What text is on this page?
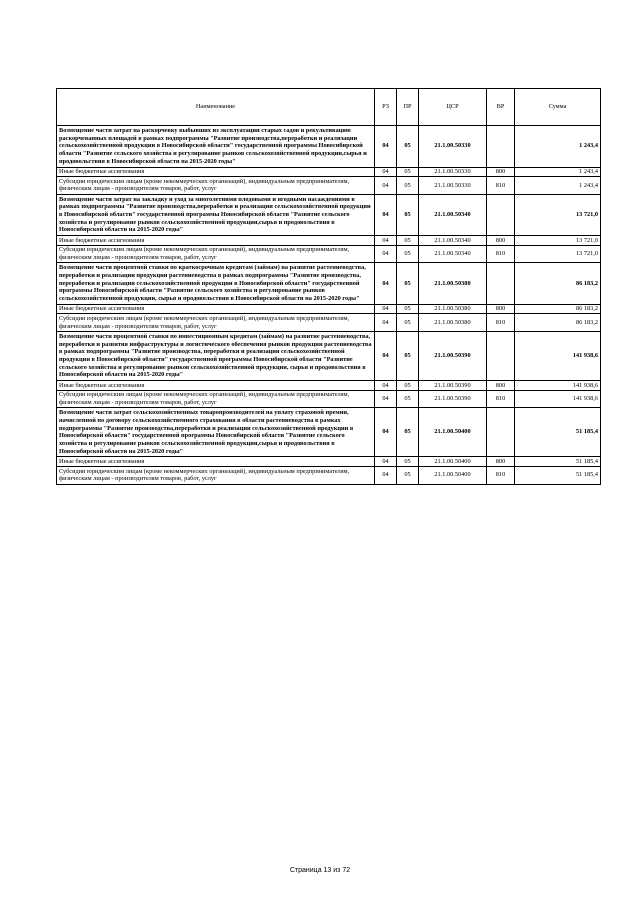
Наименование	РЗ	ПР	ЦСР	ВР	Сумма
Возмещение части затрат на раскорчевку выбывших из эксплуатации старых садов и рекультивацию раскорчеванных площадей в рамках подпрограммы "Развитие производства,переработки и реализации сельскохозяйственной продукции в Новосибирской области" государственной программы Новосибирской области "Развитие сельского хозяйства и регулирование рынков сельскохозяйственной продукции,сырья и продовольствия в Новосибирской области на 2015-2020 годы"	04	05	21.1.00.50330		1 243,4
Иные бюджетные ассигнования	04	05	21.1.00.50330	800	1 243,4
Субсидии юридическим лицам (кроме некоммерческих организаций), индивидуальным предпринимателям, физическим лицам - производителям товаров, работ, услуг	04	05	21.1.00.50330	810	1 243,4
Возмещение части затрат на закладку и уход за многолетними плодовыми и ягодными насаждениями в рамках подпрограммы "Развитие производства,переработки и реализации сельскохозяйственной продукции в Новосибирской области" государственной программы Новосибирской области "Развитие сельского хозяйства и регулирование рынков сельскохозяйственной продукции,сырья и продовольствия в Новосибирской области на 2015-2020 годы"	04	05	21.1.00.50340		13 721,0
Иные бюджетные ассигнования	04	05	21.1.00.50340	800	13 721,0
Субсидии юридическим лицам (кроме некоммерческих организаций), индивидуальным предпринимателям, физическим лицам - производителям товаров, работ, услуг	04	05	21.1.00.50340	810	13 721,0
Возмещение части процентной ставки по краткосрочным кредитам (займам) на развитие растениеводства, переработки и реализации продукции растениеводства в рамках подпрограммы "Развитие производства, переработки и реализации сельскохозяйственной продукции в Новосибирской области" государственной программы Новосибирской области "Развитие сельского хозяйства и регулирование рынков сельскохозяйственной продукции, сырья и продовольствия в Новосибирской области на 2015-2020 годы"	04	05	21.1.00.50380		86 183,2
Иные бюджетные ассигнования	04	05	21.1.00.50380	800	86 183,2
Субсидии юридическим лицам (кроме некоммерческих организаций), индивидуальным предпринимателям, физическим лицам - производителям товаров, работ, услуг	04	05	21.1.00.50380	810	86 183,2
Возмещение части процентной ставки по инвестиционным кредитам (займам) на развитие растениеводства, переработки и развития инфраструктуры и логистического обеспечения рынков продукции растениеводства в рамках подпрограммы "Развитие производства, переработки и реализации сельскохозяйственной продукции в Новосибирской области" государственной программы Новосибирской области "Развитие сельского хозяйства и регулирование рынков сельскохозяйственной продукции, сырья и продовольствия в Новосибирской области на 2015-2020 годы"	04	05	21.1.00.50390		141 938,6
Иные бюджетные ассигнования	04	05	21.1.00.50390	800	141 938,6
Субсидии юридическим лицам (кроме некоммерческих организаций), индивидуальным предпринимателям, физическим лицам - производителям товаров, работ, услуг	04	05	21.1.00.50390	810	141 938,6
Возмещение части затрат сельскохозяйственных товаропроизводителей на уплату страховой премии, начисленной по договору сельскохозяйственного страхования в области растениеводства в рамках подпрограммы "Развитие производства,переработки и реализации сельскохозяйственной продукции в Новосибирской области" государственной программы Новосибирской области "Развитие сельского хозяйства и регулирование рынков сельскохозяйственной продукции,сырья и продовольствия в Новосибирской области на 2015-2020 годы"	04	05	21.1.00.50400		51 185,4
Иные бюджетные ассигнования	04	05	21.1.00.50400	800	51 185,4
Субсидии юридическим лицам (кроме некоммерческих организаций), индивидуальным предпринимателям, физическим лицам - производителям товаров, работ, услуг	04	05	21.1.00.50400	810	51 185,4
Страница 13 из 72
